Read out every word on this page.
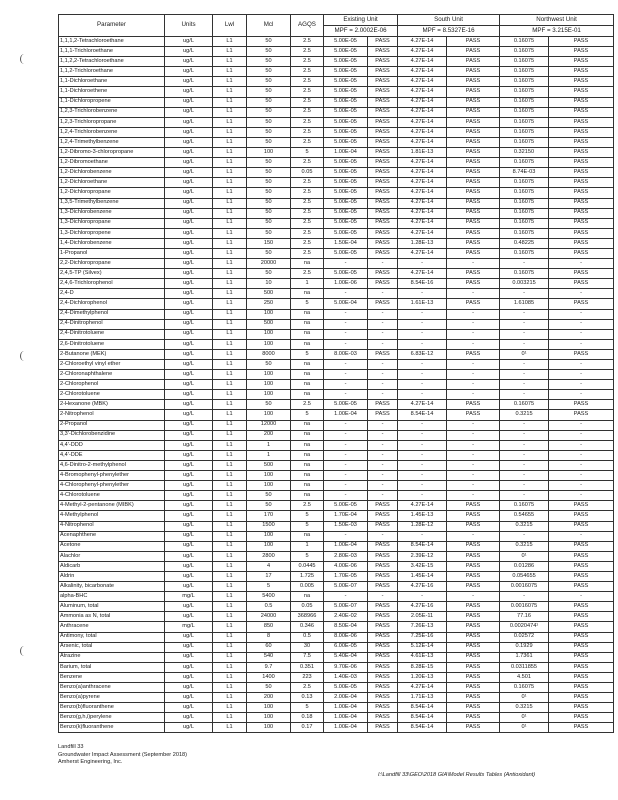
Parameter	Units	Lwl	Mcl	AGQS	Existing Unit		South Unit		Northwest Unit	
					MPF = 2.0002E-06		MPF = 8.5327E-16		MPF = 3.215E-01	
1,1,1,2-Tetrachloroethane	ug/L	L1	50	2.5	5.00E-05	PASS	4.27E-14	PASS	0.16075	PASS
1,1,1-Trichloroethane	ug/L	L1	50	2.5	5.00E-05	PASS	4.27E-14	PASS	0.16075	PASS
1,1,2,2-Tetrachloroethane	ug/L	L1	50	2.5	5.00E-05	PASS	4.27E-14	PASS	0.16075	PASS
1,1,2-Trichloroethane	ug/L	L1	50	2.5	5.00E-05	PASS	4.27E-14	PASS	0.16075	PASS
1,1-Dichloroethane	ug/L	L1	50	2.5	5.00E-05	PASS	4.27E-14	PASS	0.16075	PASS
1,1-Dichloroethene	ug/L	L1	50	2.5	5.00E-05	PASS	4.27E-14	PASS	0.16075	PASS
1,1-Dichloropropene	ug/L	L1	50	2.5	5.00E-05	PASS	4.27E-14	PASS	0.16075	PASS
1,2,3-Trichlorobenzene	ug/L	L1	50	2.5	5.00E-05	PASS	4.27E-14	PASS	0.16075	PASS
1,2,3-Trichloropropane	ug/L	L1	50	2.5	5.00E-05	PASS	4.27E-14	PASS	0.16075	PASS
1,2,4-Trichlorobenzene	ug/L	L1	50	2.5	5.00E-05	PASS	4.27E-14	PASS	0.16075	PASS
1,2,4-Trimethylbenzene	ug/L	L1	50	2.5	5.00E-05	PASS	4.27E-14	PASS	0.16075	PASS
1,2-Dibromo-3-chloropropane	ug/L	L1	100	5	1.00E-04	PASS	1.81E-13	PASS	0.32150	PASS
1,2-Dibromoethane	ug/L	L1	50	2.5	5.00E-05	PASS	4.27E-14	PASS	0.16075	PASS
1,2-Dichlorobenzene	ug/L	L1	50	0.05	5.00E-05	PASS	4.27E-14	PASS	8.74E-03	PASS
1,2-Dichloroethane	ug/L	L1	50	2.5	5.00E-05	PASS	4.27E-14	PASS	0.16075	PASS
1,2-Dichloropropane	ug/L	L1	50	2.5	5.00E-05	PASS	4.27E-14	PASS	0.16075	PASS
1,3,5-Trimethylbenzene	ug/L	L1	50	2.5	5.00E-05	PASS	4.27E-14	PASS	0.16075	PASS
1,3-Dichlorobenzene	ug/L	L1	50	2.5	5.00E-05	PASS	4.27E-14	PASS	0.16075	PASS
1,3-Dichloropropane	ug/L	L1	50	2.5	5.00E-05	PASS	4.27E-14	PASS	0.16075	PASS
1,3-Dichloropropene	ug/L	L1	50	2.5	5.00E-05	PASS	4.27E-14	PASS	0.16075	PASS
1,4-Dichlorobenzene	ug/L	L1	150	2.5	1.50E-04	PASS	1.28E-13	PASS	0.48225	PASS
1-Propanol	ug/L	L1	50	2.5	5.00E-05	PASS	4.27E-14	PASS	0.16075	PASS
2,2-Dichloropropane	ug/L	L1	20000	na	-	-	-	-	-	-
2,4,5-TP (Silvex)	ug/L	L1	50	2.5	5.00E-05	PASS	4.27E-14	PASS	0.16075	PASS
2,4,6-Trichlorophenol	ug/L	L1	10	1	1.00E-06	PASS	8.54E-16	PASS	0.003215	PASS
2,4-D	ug/L	L1	500	na	-	-	-	-	-	-
2,4-Dichlorophenol	ug/L	L1	250	5	5.00E-04	PASS	1.61E-13	PASS	1.61085	PASS
2,4-Dimethylphenol	ug/L	L1	100	na	-	-	-	-	-	-
2,4-Dinitrophenol	ug/L	L1	500	na	-	-	-	-	-	-
2,4-Dinitrotoluene	ug/L	L1	100	na	-	-	-	-	-	-
2,6-Dinitrotoluene	ug/L	L1	100	na	-	-	-	-	-	-
2-Butanone (MEK)	ug/L	L1	8000	5	8.00E-03	PASS	6.83E-12	PASS	0¹	PASS
2-Chloroethyl vinyl ether	ug/L	L1	50	na	-	-	-	-	-	-
2-Chloronaphthalene	ug/L	L1	100	na	-	-	-	-	-	-
2-Chlorophenol	ug/L	L1	100	na	-	-	-	-	-	-
2-Chlorotoluene	ug/L	L1	100	na	-	-	-	-	-	-
2-Hexanone (MBK)	ug/L	L1	50	2.5	5.00E-05	PASS	4.27E-14	PASS	0.16075	PASS
2-Nitrophenol	ug/L	L1	100	5	1.00E-04	PASS	8.54E-14	PASS	0.3215	PASS
2-Propanol	ug/L	L1	12000	na	-	-	-	-	-	-
3,3'-Dichlorobenzidine	ug/L	L1	200	na	-	-	-	-	-	-
4,4'-DDD	ug/L	L1	1	na	-	-	-	-	-	-
4,4'-DDE	ug/L	L1	1	na	-	-	-	-	-	-
4,6-Dinitro-2-methylphenol	ug/L	L1	500	na	-	-	-	-	-	-
4-Bromophenyl-phenylether	ug/L	L1	100	na	-	-	-	-	-	-
4-Chlorophenyl-phenylether	ug/L	L1	100	na	-	-	-	-	-	-
4-Chlorotoluene	ug/L	L1	50	na	-	-	-	-	-	-
4-Methyl-2-pentanone (MIBK)	ug/L	L1	50	2.5	5.00E-05	PASS	4.27E-14	PASS	0.16075	PASS
4-Methylphenol	ug/L	L1	170	5	1.70E-04	PASS	1.45E-13	PASS	0.54655	PASS
4-Nitrophenol	ug/L	L1	1500	5	1.50E-03	PASS	1.28E-12	PASS	0.3215	PASS
Acenaphthene	ug/L	L1	100	na	-	-	-	-	-	-
Acetone	ug/L	L1	100	1	1.00E-04	PASS	8.54E-14	PASS	0.3215	PASS
Alachlor	ug/L	L1	2800	5	2.80E-03	PASS	2.39E-12	PASS	0¹	PASS
Aldicarb	ug/L	L1	4	0.0445	4.00E-06	PASS	3.42E-15	PASS	0.01286	PASS
Aldrin	ug/L	L1	17	1.725	1.70E-05	PASS	1.45E-14	PASS	0.054655	PASS
Alkalinity, bicarbonate	ug/L	L1	5	0.005	5.00E-07	PASS	4.27E-16	PASS	0.0016075	PASS
alpha-BHC	mg/L	L1	5400	na	-	-	-	-	-	-
Aluminum, total	ug/L	L1	0.5	0.05	5.00E-07	PASS	4.27E-16	PASS	0.0016075	PASS
Ammonia as N, total	ug/L	L1	24000	368966	2.40E-02	PASS	2.05E-11	PASS	77.16	PASS
Anthracene	mg/L	L1	850	0.346	8.50E-04	PASS	7.26E-13	PASS	0.0020474¹	PASS
Antimony, total	ug/L	L1	8	0.5	8.00E-06	PASS	7.25E-16	PASS	0.02572	PASS
Arsenic, total	ug/L	L1	60	30	6.00E-05	PASS	5.12E-14	PASS	0.1929	PASS
Atrazine	ug/L	L1	540	7.5	5.40E-04	PASS	4.61E-13	PASS	1.7361	PASS
Barium, total	ug/L	L1	9.7	0.351	9.70E-06	PASS	8.28E-15	PASS	0.0311855	PASS
Benzene	ug/L	L1	1400	223	1.40E-03	PASS	1.20E-13	PASS	4.501	PASS
Benzo(a)anthracene	ug/L	L1	50	2.5	5.00E-05	PASS	4.27E-14	PASS	0.16075	PASS
Benzo(a)pyrene	ug/L	L1	200	0.13	2.00E-04	PASS	1.71E-13	PASS	0¹	PASS
Benzo(b)fluoranthene	ug/L	L1	100	5	1.00E-04	PASS	8.54E-14	PASS	0.3215	PASS
Benzo(g,h,i)perylene	ug/L	L1	100	0.18	1.00E-04	PASS	8.54E-14	PASS	0¹	PASS
Benzo(k)fluoranthene	ug/L	L1	100	0.17	1.00E-04	PASS	8.54E-14	PASS	0¹	PASS
Landfill 33
Groundwater Impact Assessment (September 2018)
Amherst Engineering, Inc.
I:\Landfill 33\GEO\2018 GIA\Model Results Tables (Antioxidant)
